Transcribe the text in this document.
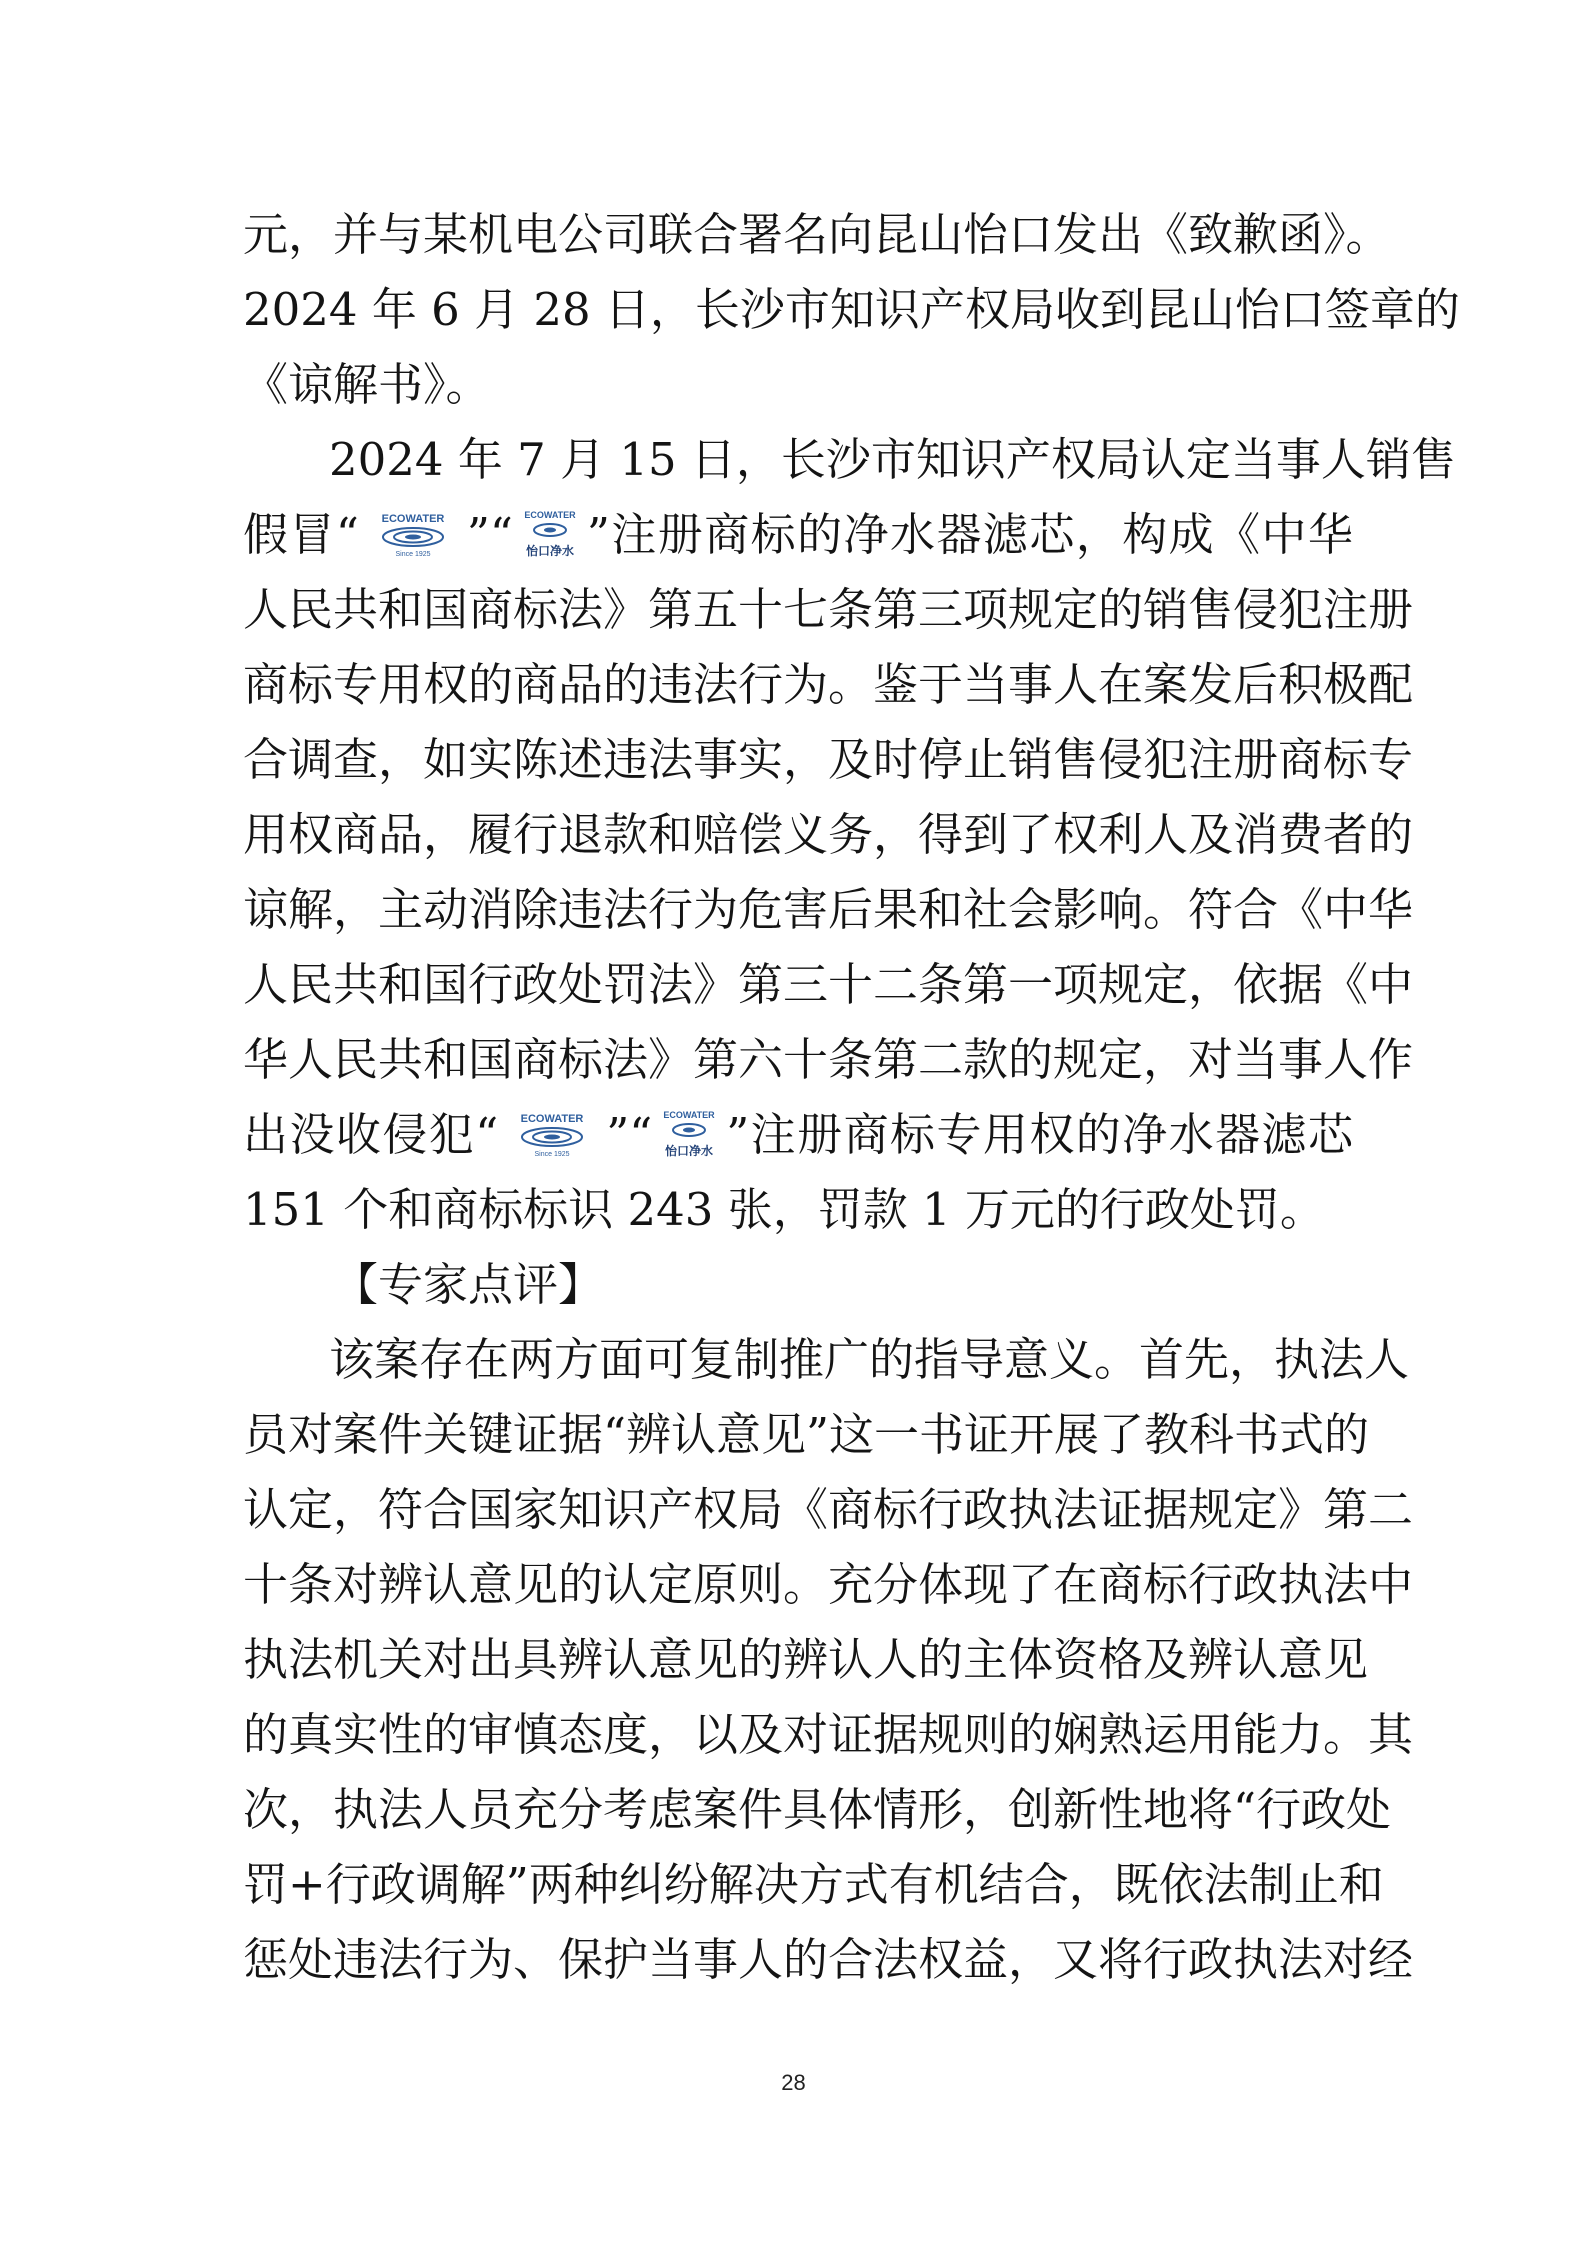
元，并与某机电公司联合署名向昆山怡口发出《致歉函》。
2024 年 6 月 28 日，长沙市知识产权局收到昆山怡口签章的
《谅解书》。
2024 年 7 月 15 日，长沙市知识产权局认定当事人销售
假冒“ ECOWATER
Since 1925 ”“ ECOWATER
怡口净水 ”注册商标的净水器滤芯，构成《中华
人民共和国商标法》第五十七条第三项规定的销售侵犯注册
商标专用权的商品的违法行为。鉴于当事人在案发后积极配
合调查，如实陈述违法事实，及时停止销售侵犯注册商标专
用权商品，履行退款和赔偿义务，得到了权利人及消费者的
谅解，主动消除违法行为危害后果和社会影响。符合《中华
人民共和国行政处罚法》第三十二条第一项规定，依据《中
华人民共和国商标法》第六十条第二款的规定，对当事人作
出没收侵犯“ ECOWATER
Since 1925 ”“ ECOWATER
怡口净水 ”注册商标专用权的净水器滤芯
151 个和商标标识 243 张，罚款 1 万元的行政处罚。
【专家点评】
该案存在两方面可复制推广的指导意义。首先，执法人
员对案件关键证据“辨认意见”这一书证开展了教科书式的
认定，符合国家知识产权局《商标行政执法证据规定》第二
十条对辨认意见的认定原则。充分体现了在商标行政执法中
执法机关对出具辨认意见的辨认人的主体资格及辨认意见
的真实性的审慎态度，以及对证据规则的娴熟运用能力。其
次，执法人员充分考虑案件具体情形，创新性地将“行政处
罚+行政调解”两种纠纷解决方式有机结合，既依法制止和
惩处违法行为、保护当事人的合法权益，又将行政执法对经
28
